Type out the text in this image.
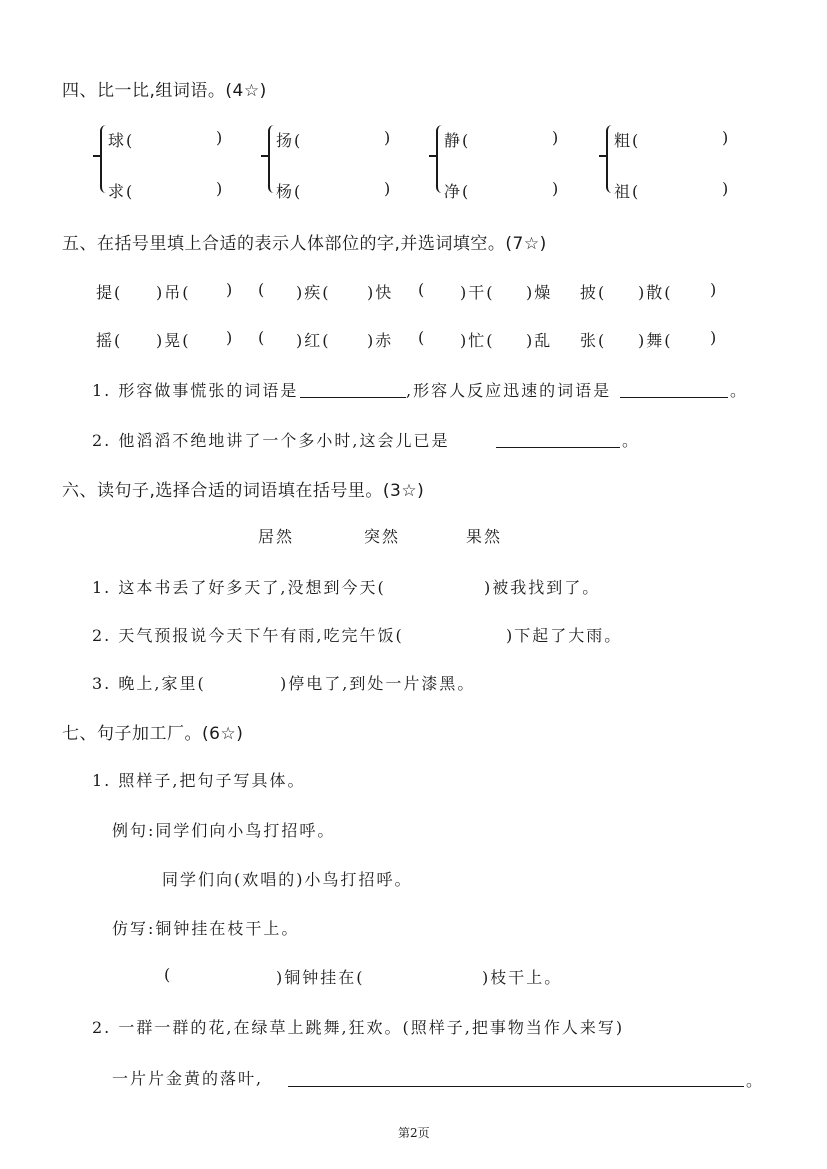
四、比一比,组词语。(4☆)
球(	)
求(	)
扬(	)
杨(	)
静(	)
净(	)
粗(	)
祖(	)
五、在括号里填上合适的表示人体部位的字,并选词填空。(7☆)
提( )吊( ) ( )疾( )快 ( )干( )燥 披( )散( )
摇( )晃( ) ( )红( )赤 ( )忙( )乱 张( )舞( )
1. 形容做事慌张的词语是	,形容人反应迅速的词语是	。
2. 他滔滔不绝地讲了一个多小时,这会儿已是	。
六、读句子,选择合适的词语填在括号里。(3☆)
居然	突然	果然
1. 这本书丢了好多天了,没想到今天(	)被我找到了。
2. 天气预报说今天下午有雨,吃完午饭(	)下起了大雨。
3. 晚上,家里(	)停电了,到处一片漆黑。
七、句子加工厂。(6☆)
1. 照样子,把句子写具体。
例句:同学们向小鸟打招呼。
同学们向(欢唱的)小鸟打招呼。
仿写:铜钟挂在枝干上。
(	)铜钟挂在(	)枝干上。
2. 一群一群的花,在绿草上跳舞,狂欢。(照样子,把事物当作人来写)
一片片金黄的落叶,	。
第2页
